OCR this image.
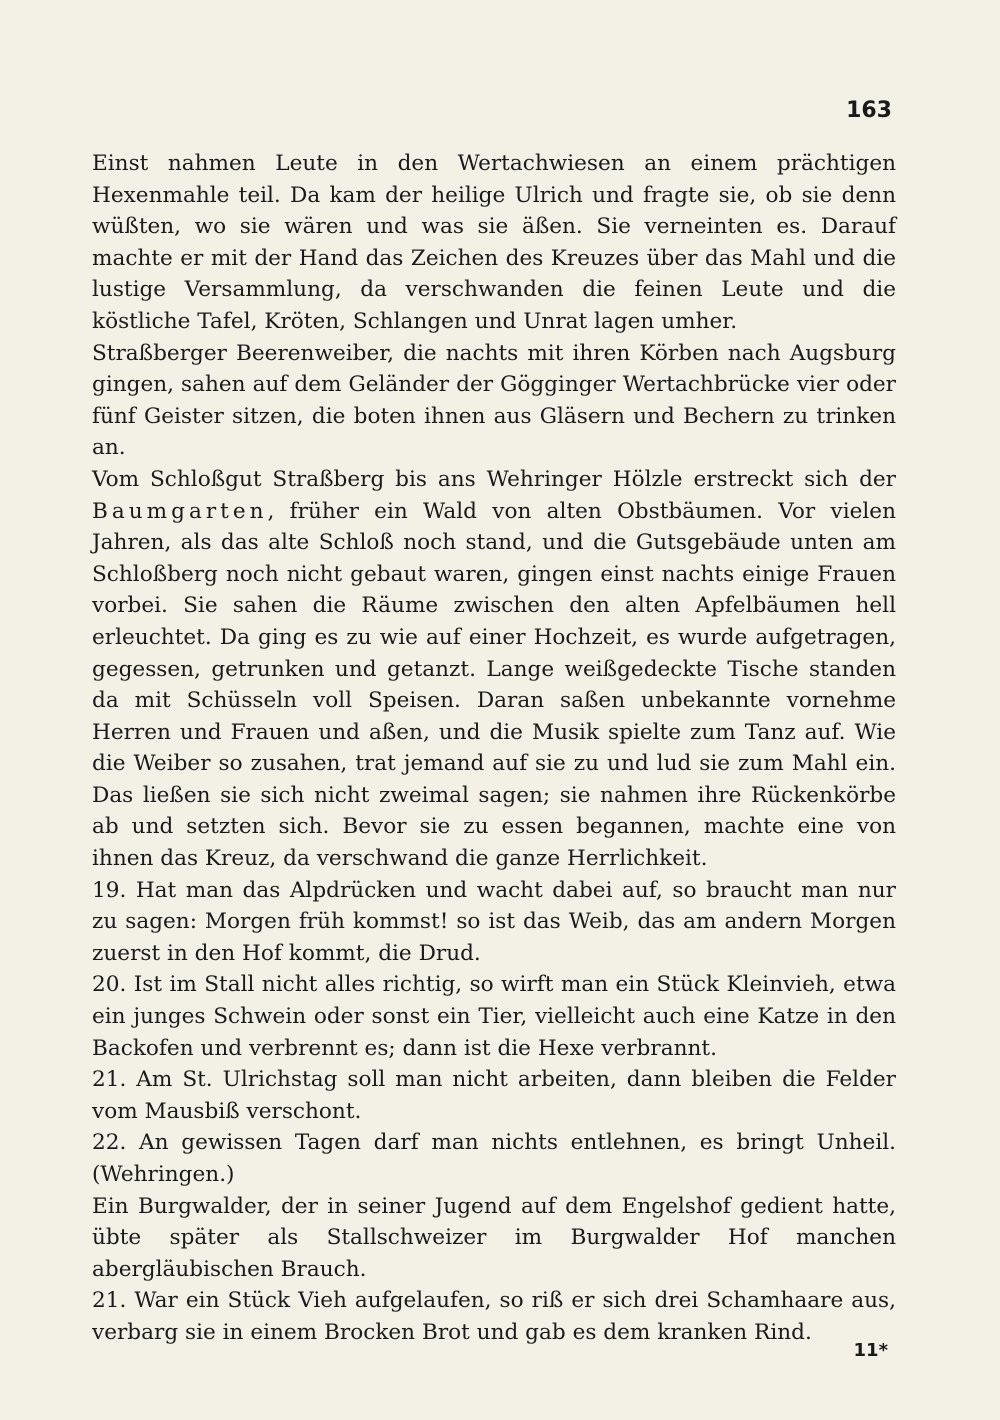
163

Einst nahmen Leute in den Wertachwiesen an einem prächtigen Hexenmahle teil. Da kam der heilige Ulrich und fragte sie, ob sie denn wüßten, wo sie wären und was sie äßen. Sie verneinten es. Darauf machte er mit der Hand das Zeichen des Kreuzes über das Mahl und die lustige Versammlung, da verschwanden die feinen Leute und die köstliche Tafel, Kröten, Schlangen und Unrat lagen umher.

Straßberger Beerenweiber, die nachts mit ihren Körben nach Augsburg gingen, sahen auf dem Geländer der Gögginger Wertachbrücke vier oder fünf Geister sitzen, die boten ihnen aus Gläsern und Bechern zu trinken an.

Vom Schloßgut Straßberg bis ans Wehringer Hölzle erstreckt sich der Baumgarten, früher ein Wald von alten Obstbäumen. Vor vielen Jahren, als das alte Schloß noch stand, und die Gutsgebäude unten am Schloßberg noch nicht gebaut waren, gingen einst nachts einige Frauen vorbei. Sie sahen die Räume zwischen den alten Apfelbäumen hell erleuchtet. Da ging es zu wie auf einer Hochzeit, es wurde aufgetragen, gegessen, getrunken und getanzt. Lange weißgedeckte Tische standen da mit Schüsseln voll Speisen. Daran saßen unbekannte vornehme Herren und Frauen und aßen, und die Musik spielte zum Tanz auf. Wie die Weiber so zusahen, trat jemand auf sie zu und lud sie zum Mahl ein. Das ließen sie sich nicht zweimal sagen; sie nahmen ihre Rückenkörbe ab und setzten sich. Bevor sie zu essen begannen, machte eine von ihnen das Kreuz, da verschwand die ganze Herrlichkeit.

19. Hat man das Alpdrücken und wacht dabei auf, so braucht man nur zu sagen: Morgen früh kommst! so ist das Weib, das am andern Morgen zuerst in den Hof kommt, die Drud.

20. Ist im Stall nicht alles richtig, so wirft man ein Stück Kleinvieh, etwa ein junges Schwein oder sonst ein Tier, vielleicht auch eine Katze in den Backofen und verbrennt es; dann ist die Hexe verbrannt.

21. Am St. Ulrichstag soll man nicht arbeiten, dann bleiben die Felder vom Mausbiß verschont.

22. An gewissen Tagen darf man nichts entlehnen, es bringt Unheil. (Wehringen.)

Ein Burgwalder, der in seiner Jugend auf dem Engelshof gedient hatte, übte später als Stallschweizer im Burgwalder Hof manchen abergläubischen Brauch.

21. War ein Stück Vieh aufgelaufen, so riß er sich drei Schamhaare aus, verbarg sie in einem Brocken Brot und gab es dem kranken Rind.

11*
